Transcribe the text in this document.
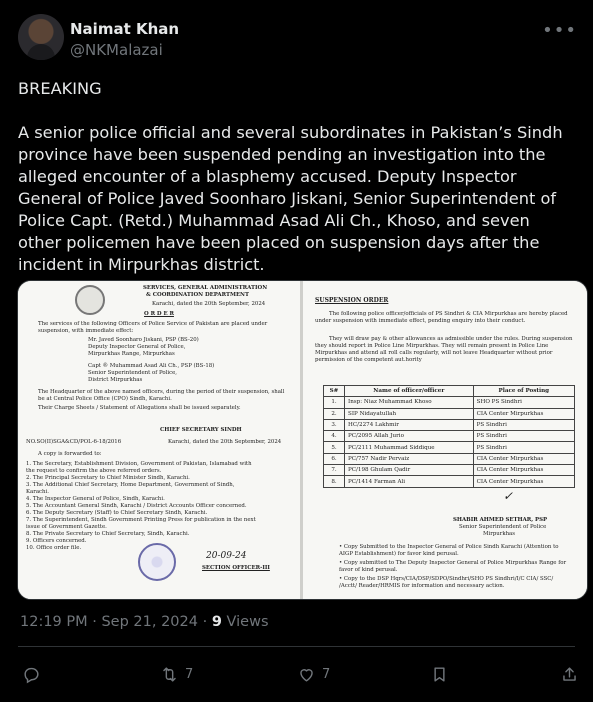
Naimat Khan
@NKMalazai
•••

BREAKING

A senior police official and several subordinates in Pakistan’s Sindh province have been suspended pending an investigation into the alleged encounter of a blasphemy accused. Deputy Inspector General of Police Javed Soonharo Jiskani, Senior Superintendent of Police Capt. (Retd.) Muhammad Asad Ali Ch., Khoso, and seven other policemen have been placed on suspension days after the incident in Mirpurkhas district.

SERVICES, GENERAL ADMINISTRATION
& COORDINATION DEPARTMENT
Karachi, dated the 20th September, 2024
O R D E R
The services of the following Officers of Police Service of Pakistan are placed under suspension, with immediate effect:
Mr. Javed Soonharo Jiskani, PSP (BS-20)
Deputy Inspector General of Police,
Mirpurkhas Range, Mirpurkhas
Capt ® Muhammad Asad Ali Ch., PSP (BS-18)
Senior Superintendent of Police,
District Mirpurkhas
The Headquarter of the above named officers, during the period of their suspension, shall be at Central Police Office (CPO) Sindh, Karachi.
Their Charge Sheets / Statement of Allegations shall be issued separately.
CHIEF SECRETARY SINDH
NO.SO(II)SGA&CD/POL-6-18/2016	Karachi, dated the 20th September, 2024
A copy is forwarded to:
1. The Secretary, Establishment Division, Government of Pakistan, Islamabad with
the request to confirm the above referred orders.
2. The Principal Secretary to Chief Minister Sindh, Karachi.
3. The Additional Chief Secretary, Home Department, Government of Sindh,
Karachi.
4. The Inspector General of Police, Sindh, Karachi.
5. The Accountant General Sindh, Karachi / District Accounts Officer concerned.
6. The Deputy Secretary (Staff) to Chief Secretary Sindh, Karachi.
7. The Superintendent, Sindh Government Printing Press for publication in the next
issue of Government Gazette.
8. The Private Secretary to Chief Secretary, Sindh, Karachi.
9. Officers concerned.
10. Office order file.
20-09-24
SECTION OFFICER-III
SUSPENSION ORDER
The following police officer/officials of PS Sindhri & CIA Mirpurkhas are hereby placed
under suspension with immediate effect, pending enquiry into their conduct.
They will draw pay & other allowances as admissible under the rules. During suspension
they should report in Police Line Mirpurkhas. They will remain present in Police Line
Mirpurkhas and attend all roll calls regularly, will not leave Headquarter without prior
permission of the competent aut.hority
S#	Name of officer/officer	Place of Posting
1.	Insp: Niaz Muhammad Khoso	SHO PS Sindhri
2.	SIP Nidayatullah	CIA Center Mirpurkhas
3.	HC/2274 Lakhmir	PS Sindhri
4.	PC/2095 Allah Jurio	PS Sindhri
5.	PC/2111 Muhammad Siddique	PS Sindhri
6.	PC/757 Nadir Pervaiz	CIA Center Mirpurkhas
7.	PC/198 Ghulam Qadir	CIA Center Mirpurkhas
8.	PC/1414 Farman Ali	CIA Center Mirpurkhas
✓
SHABIR AHMED SETHAR, PSP
Senior Superintendent of Police
Mirpurkhas
• Copy Submitted to the Inspector General of Police Sindh Karachi (Attention to
AIGP Establishment) for favor kind perusal.
• Copy submitted to The Deputy Inspector General of Police Mirpurkhas Range for
favor of kind perusal.
• Copy to the DSP Hqrs/CIA/DSP/SDPO/Sindhri/SHO PS Sindhri/I/C CIA/ SSC/
/Acctt/ Reader/HRMIS for information and necessary action.
12:19 PM · Sep 21, 2024 · 9 Views
7	7
